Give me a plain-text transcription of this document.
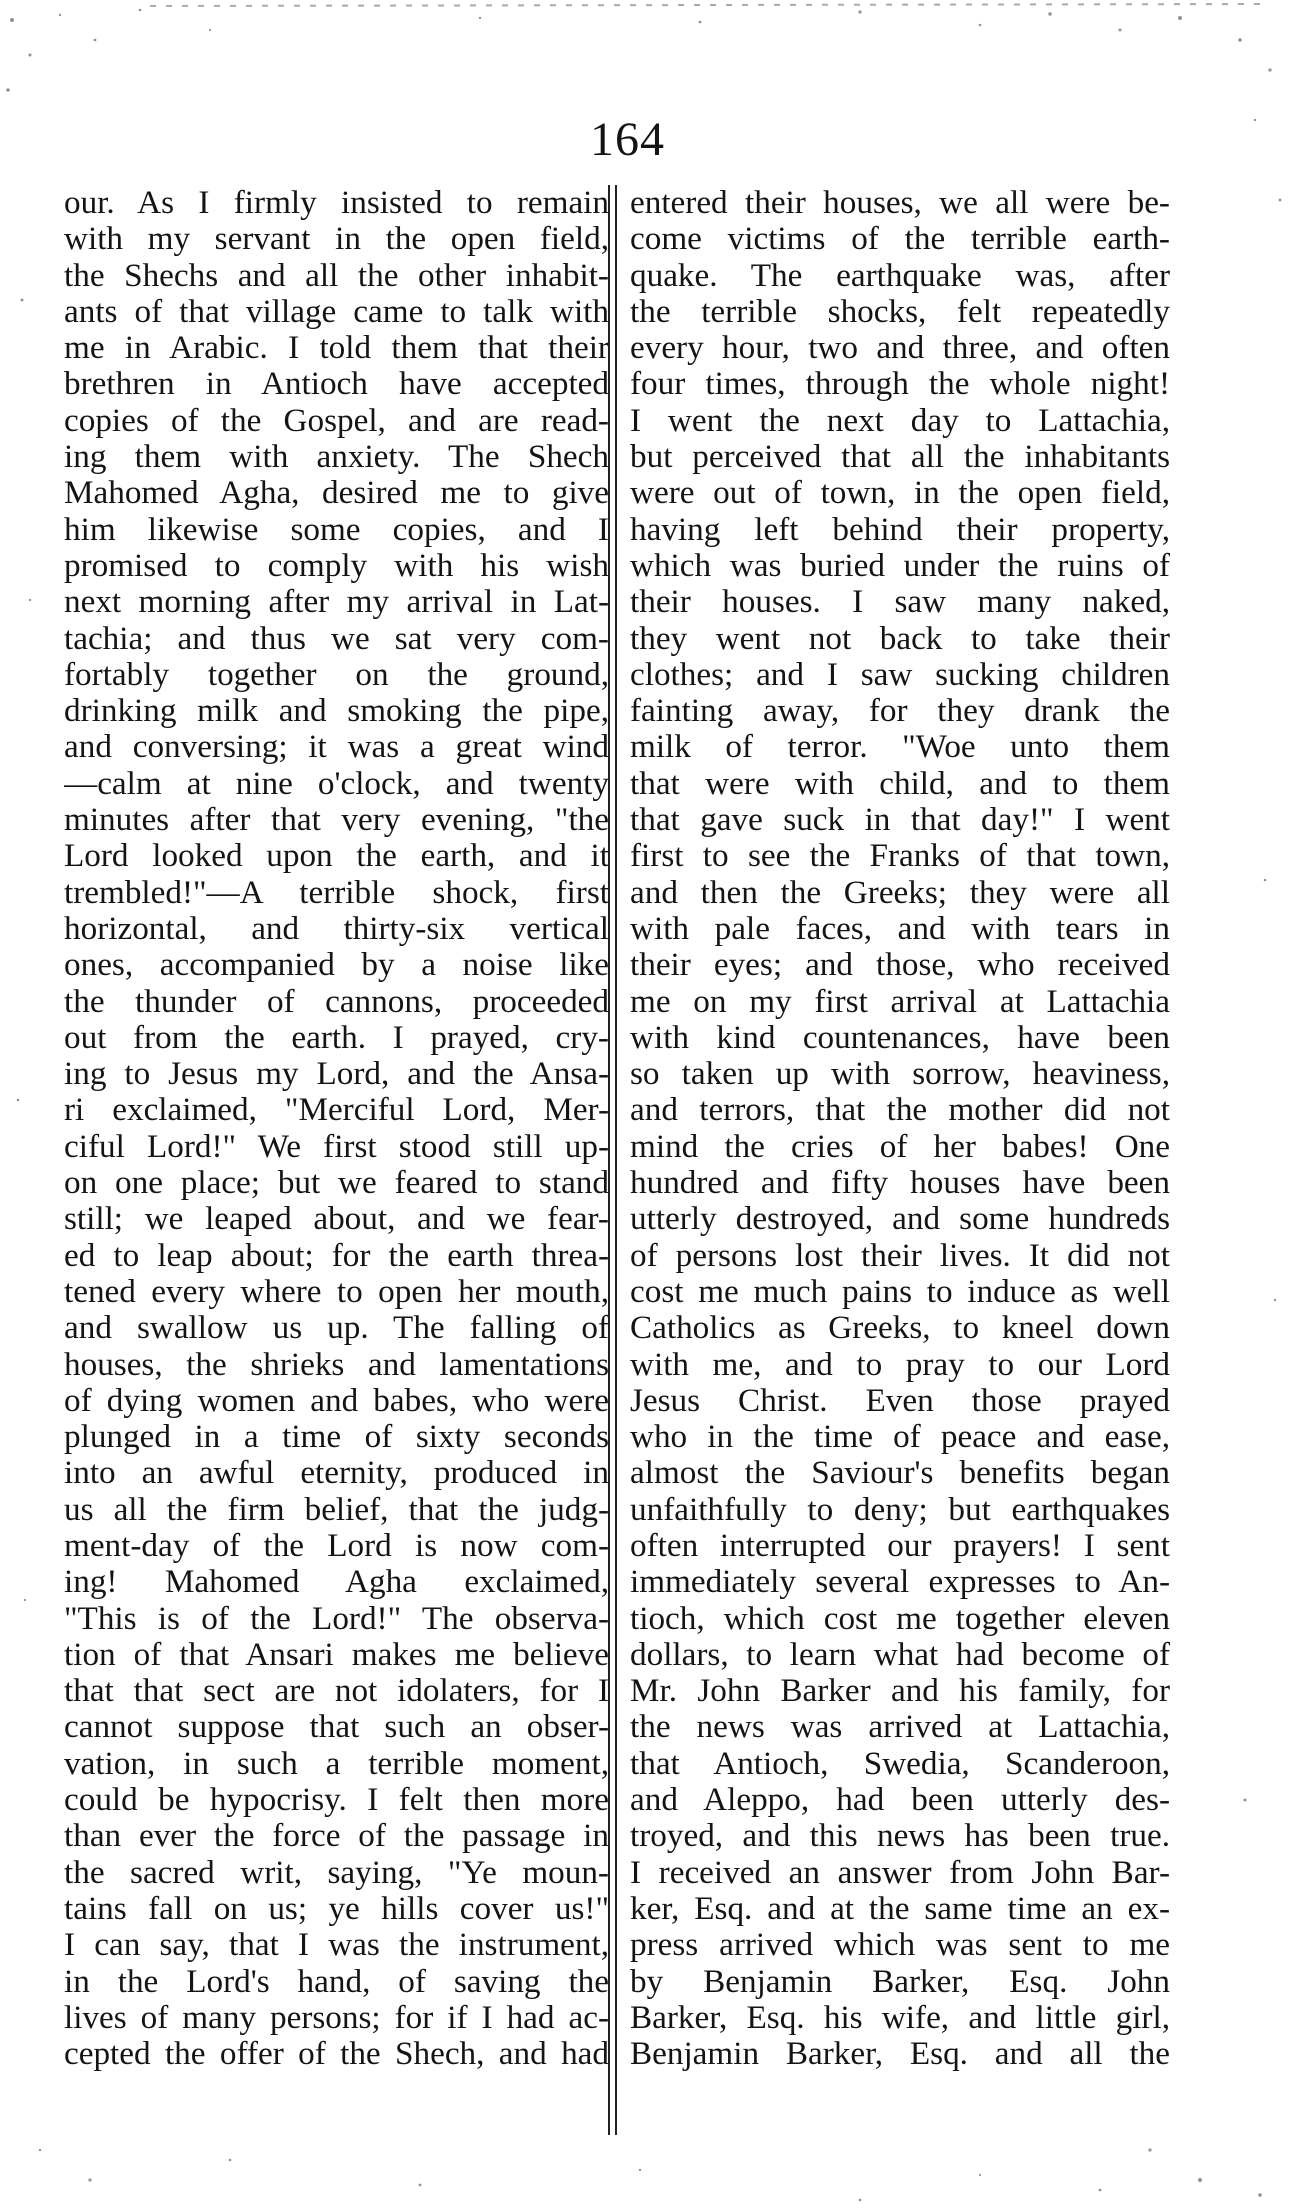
164
our. As I firmly insisted to remain
with my servant in the open field,
the Shechs and all the other inhabit-
ants of that village came to talk with
me in Arabic. I told them that their
brethren in Antioch have accepted
copies of the Gospel, and are read-
ing them with anxiety. The Shech
Mahomed Agha, desired me to give
him likewise some copies, and I
promised to comply with his wish
next morning after my arrival in Lat-
tachia; and thus we sat very com-
fortably together on the ground,
drinking milk and smoking the pipe,
and conversing; it was a great wind
—calm at nine o'clock, and twenty
minutes after that very evening, "the
Lord looked upon the earth, and it
trembled!"—A terrible shock, first
horizontal, and thirty-six vertical
ones, accompanied by a noise like
the thunder of cannons, proceeded
out from the earth. I prayed, cry-
ing to Jesus my Lord, and the Ansa-
ri exclaimed, "Merciful Lord, Mer-
ciful Lord!" We first stood still up-
on one place; but we feared to stand
still; we leaped about, and we fear-
ed to leap about; for the earth threa-
tened every where to open her mouth,
and swallow us up. The falling of
houses, the shrieks and lamentations
of dying women and babes, who were
plunged in a time of sixty seconds
into an awful eternity, produced in
us all the firm belief, that the judg-
ment-day of the Lord is now com-
ing! Mahomed Agha exclaimed,
"This is of the Lord!" The observa-
tion of that Ansari makes me believe
that that sect are not idolaters, for I
cannot suppose that such an obser-
vation, in such a terrible moment,
could be hypocrisy. I felt then more
than ever the force of the passage in
the sacred writ, saying, "Ye moun-
tains fall on us; ye hills cover us!"
I can say, that I was the instrument,
in the Lord's hand, of saving the
lives of many persons; for if I had ac-
cepted the offer of the Shech, and had
entered their houses, we all were be-
come victims of the terrible earth-
quake. The earthquake was, after
the terrible shocks, felt repeatedly
every hour, two and three, and often
four times, through the whole night!
I went the next day to Lattachia,
but perceived that all the inhabitants
were out of town, in the open field,
having left behind their property,
which was buried under the ruins of
their houses. I saw many naked,
they went not back to take their
clothes; and I saw sucking children
fainting away, for they drank the
milk of terror. "Woe unto them
that were with child, and to them
that gave suck in that day!" I went
first to see the Franks of that town,
and then the Greeks; they were all
with pale faces, and with tears in
their eyes; and those, who received
me on my first arrival at Lattachia
with kind countenances, have been
so taken up with sorrow, heaviness,
and terrors, that the mother did not
mind the cries of her babes! One
hundred and fifty houses have been
utterly destroyed, and some hundreds
of persons lost their lives. It did not
cost me much pains to induce as well
Catholics as Greeks, to kneel down
with me, and to pray to our Lord
Jesus Christ. Even those prayed
who in the time of peace and ease,
almost the Saviour's benefits began
unfaithfully to deny; but earthquakes
often interrupted our prayers! I sent
immediately several expresses to An-
tioch, which cost me together eleven
dollars, to learn what had become of
Mr. John Barker and his family, for
the news was arrived at Lattachia,
that Antioch, Swedia, Scanderoon,
and Aleppo, had been utterly des-
troyed, and this news has been true.
I received an answer from John Bar-
ker, Esq. and at the same time an ex-
press arrived which was sent to me
by Benjamin Barker, Esq. John
Barker, Esq. his wife, and little girl,
Benjamin Barker, Esq. and all the
